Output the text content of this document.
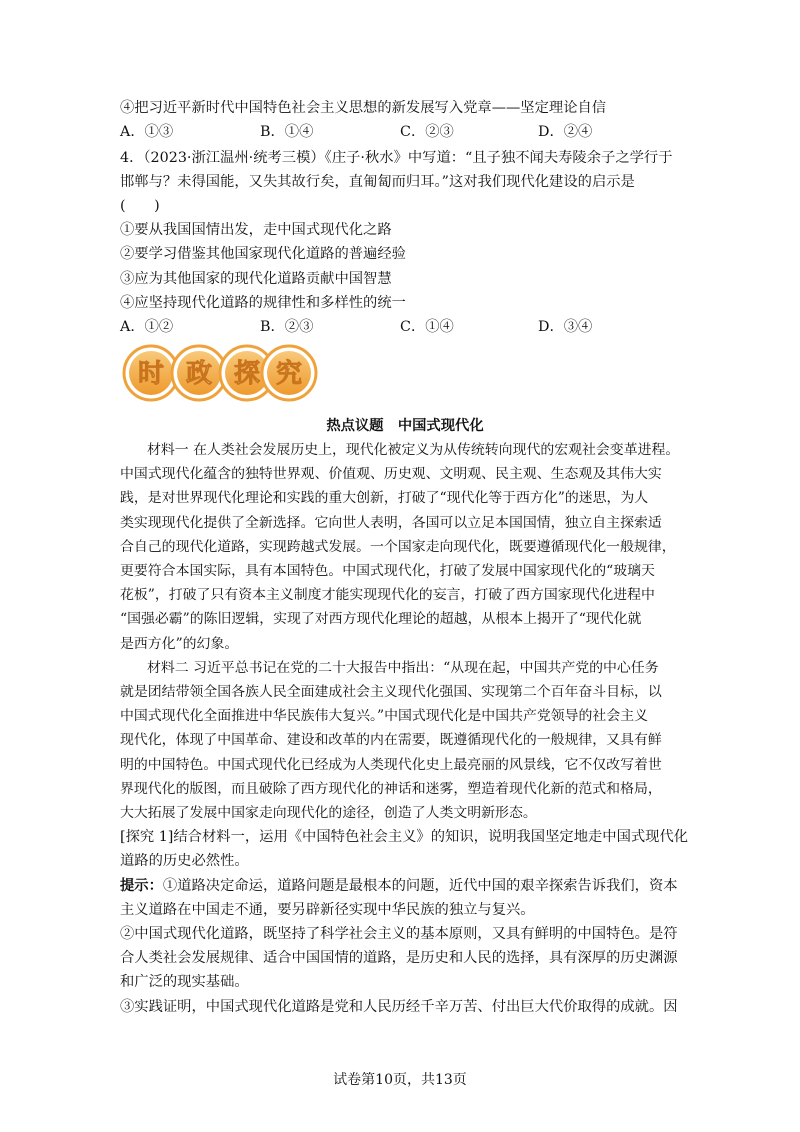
④把习近平新时代中国特色社会主义思想的新发展写入党章——坚定理论自信
A．①③	B．①④	C．②③	D．②④
4．（2023·浙江温州·统考三模）《庄子·秋水》中写道：“且子独不闻夫寿陵余子之学行于
邯郸与？未得国能，又失其故行矣，直匍匐而归耳。”这对我们现代化建设的启示是
(　　)
①要从我国国情出发，走中国式现代化之路
②要学习借鉴其他国家现代化道路的普遍经验
③应为其他国家的现代化道路贡献中国智慧
④应坚持现代化道路的规律性和多样性的统一
A．①②	B．②③	C．①④	D．③④
时 政 探 究
热点议题　中国式现代化
材料一 在人类社会发展历史上，现代化被定义为从传统转向现代的宏观社会变革进程。
中国式现代化蕴含的独特世界观、价值观、历史观、文明观、民主观、生态观及其伟大实
践，是对世界现代化理论和实践的重大创新，打破了“现代化等于西方化”的迷思，为人
类实现现代化提供了全新选择。它向世人表明，各国可以立足本国国情，独立自主探索适
合自己的现代化道路，实现跨越式发展。一个国家走向现代化，既要遵循现代化一般规律，
更要符合本国实际，具有本国特色。中国式现代化，打破了发展中国家现代化的“玻璃天
花板”，打破了只有资本主义制度才能实现现代化的妄言，打破了西方国家现代化进程中
“国强必霸”的陈旧逻辑，实现了对西方现代化理论的超越，从根本上揭开了“现代化就
是西方化”的幻象。
材料二 习近平总书记在党的二十大报告中指出：“从现在起，中国共产党的中心任务
就是团结带领全国各族人民全面建成社会主义现代化强国、实现第二个百年奋斗目标，以
中国式现代化全面推进中华民族伟大复兴。”中国式现代化是中国共产党领导的社会主义
现代化，体现了中国革命、建设和改革的内在需要，既遵循现代化的一般规律，又具有鲜
明的中国特色。中国式现代化已经成为人类现代化史上最亮丽的风景线，它不仅改写着世
界现代化的版图，而且破除了西方现代化的神话和迷雾，塑造着现代化新的范式和格局，
大大拓展了发展中国家走向现代化的途径，创造了人类文明新形态。
[探究 1]结合材料一，运用《中国特色社会主义》的知识，说明我国坚定地走中国式现代化
道路的历史必然性。
提示：①道路决定命运，道路问题是最根本的问题，近代中国的艰辛探索告诉我们，资本
主义道路在中国走不通，要另辟新径实现中华民族的独立与复兴。
②中国式现代化道路，既坚持了科学社会主义的基本原则，又具有鲜明的中国特色。是符
合人类社会发展规律、适合中国国情的道路，是历史和人民的选择，具有深厚的历史渊源
和广泛的现实基础。
③实践证明，中国式现代化道路是党和人民历经千辛万苦、付出巨大代价取得的成就。因
试卷第10页，共13页
